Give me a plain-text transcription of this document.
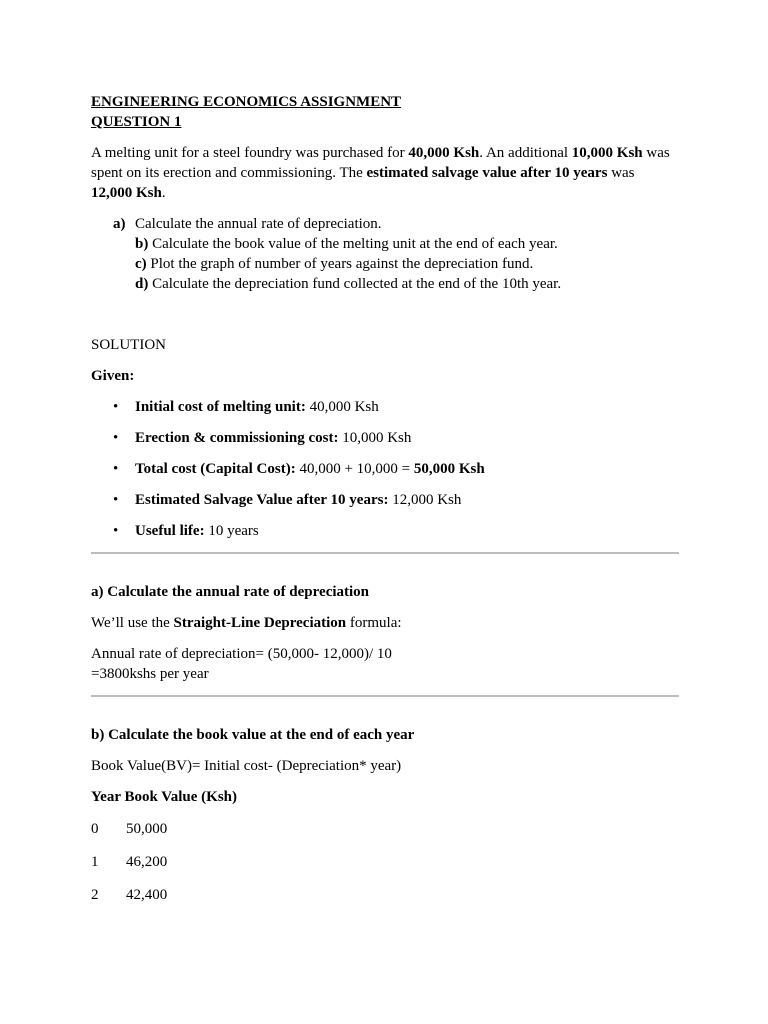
ENGINEERING ECONOMICS ASSIGNMENT
QUESTION 1
A melting unit for a steel foundry was purchased for 40,000 Ksh. An additional 10,000 Ksh was
spent on its erection and commissioning. The estimated salvage value after 10 years was
12,000 Ksh.
a) Calculate the annual rate of depreciation.
b) Calculate the book value of the melting unit at the end of each year.
c) Plot the graph of number of years against the depreciation fund.
d) Calculate the depreciation fund collected at the end of the 10th year.
SOLUTION
Given:
• Initial cost of melting unit: 40,000 Ksh
• Erection & commissioning cost: 10,000 Ksh
• Total cost (Capital Cost): 40,000 + 10,000 = 50,000 Ksh
• Estimated Salvage Value after 10 years: 12,000 Ksh
• Useful life: 10 years
a) Calculate the annual rate of depreciation
We’ll use the Straight-Line Depreciation formula:
Annual rate of depreciation= (50,000- 12,000)/ 10
=3800kshs per year
b) Calculate the book value at the end of each year
Book Value(BV)= Initial cost- (Depreciation* year)
Year Book Value (Ksh)
0	50,000
1	46,200
2	42,400
